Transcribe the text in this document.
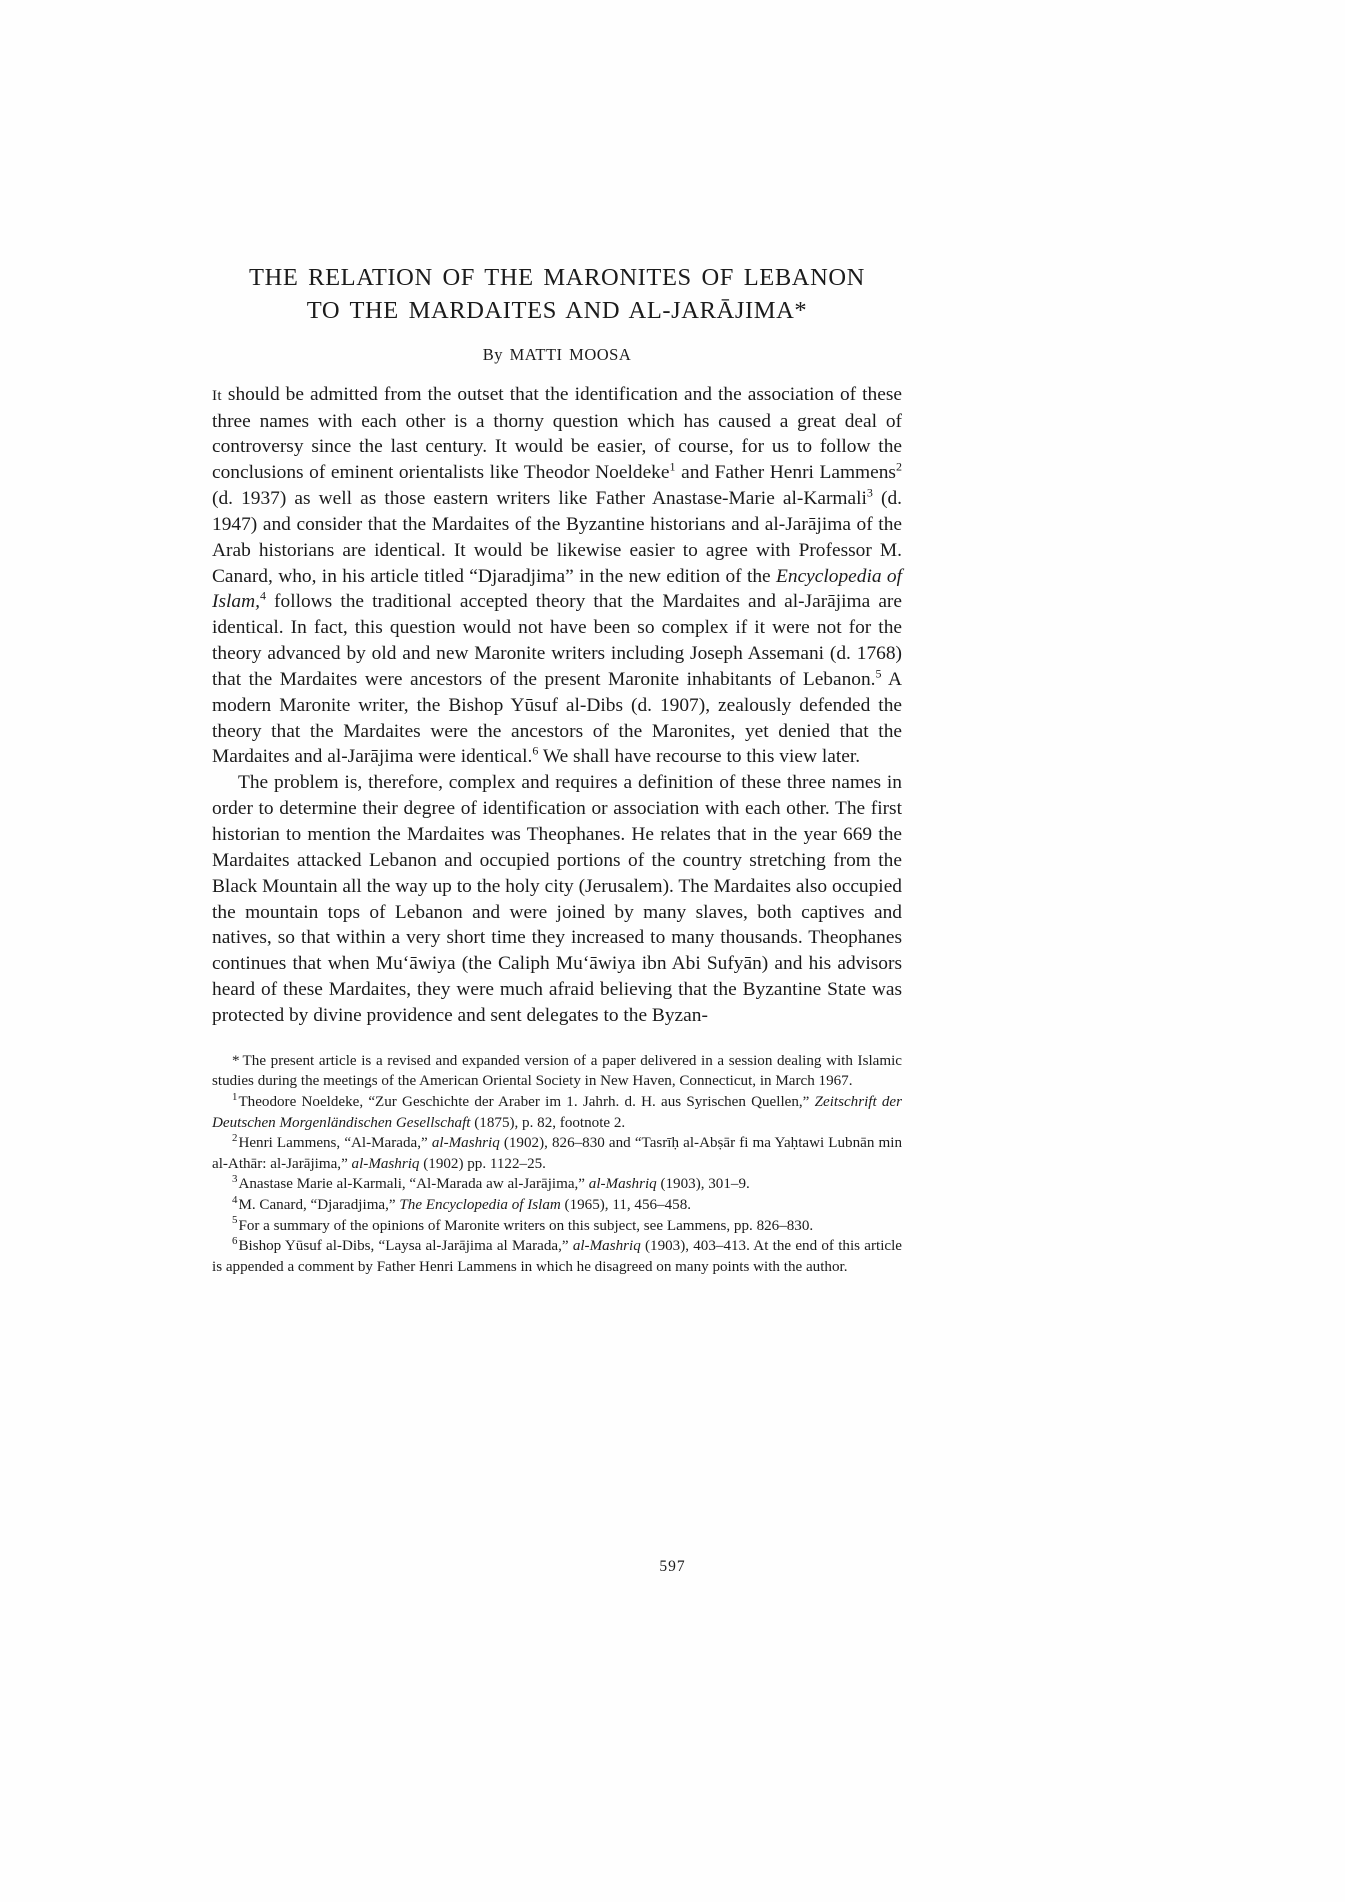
THE RELATION OF THE MARONITES OF LEBANON
TO THE MARDAITES AND AL-JARĀJIMA*
By MATTI MOOSA

It should be admitted from the outset that the identification and the association of these three names with each other is a thorny question which has caused a great deal of controversy since the last century. It would be easier, of course, for us to follow the conclusions of eminent orientalists like Theodor Noeldeke$^1$ and Father Henri Lammens$^2$ (d. 1937) as well as those eastern writers like Father Anastase-Marie al-Karmali$^3$ (d. 1947) and consider that the Mardaites of the Byzantine historians and al-Jarājima of the Arab historians are identical. It would be likewise easier to agree with Professor M. Canard, who, in his article titled “Djaradjima” in the new edition of the Encyclopedia of Islam,$^4$ follows the traditional accepted theory that the Mardaites and al-Jarājima are identical. In fact, this question would not have been so complex if it were not for the theory advanced by old and new Maronite writers including Joseph Assemani (d. 1768) that the Mardaites were ancestors of the present Maronite inhabitants of Lebanon.$^5$ A modern Maronite writer, the Bishop Yūsuf al-Dibs (d. 1907), zealously defended the theory that the Mardaites were the ancestors of the Maronites, yet denied that the Mardaites and al-Jarājima were identical.$^6$ We shall have recourse to this view later.

The problem is, therefore, complex and requires a definition of these three names in order to determine their degree of identification or association with each other. The first historian to mention the Mardaites was Theophanes. He relates that in the year 669 the Mardaites attacked Lebanon and occupied portions of the country stretching from the Black Mountain all the way up to the holy city (Jerusalem). The Mardaites also occupied the mountain tops of Lebanon and were joined by many slaves, both captives and natives, so that within a very short time they increased to many thousands. Theophanes continues that when Muʻāwiya (the Caliph Muʻāwiya ibn Abi Sufyān) and his advisors heard of these Mardaites, they were much afraid believing that the Byzantine State was protected by divine providence and sent delegates to the Byzan-

* The present article is a revised and expanded version of a paper delivered in a session dealing with Islamic studies during the meetings of the American Oriental Society in New Haven, Connecticut, in March 1967.

$^1$Theodore Noeldeke, “Zur Geschichte der Araber im 1. Jahrh. d. H. aus Syrischen Quellen,” Zeitschrift der Deutschen Morgenländischen Gesellschaft (1875), p. 82, footnote 2.

$^2$Henri Lammens, “Al-Marada,” al-Mashriq (1902), 826–830 and “Tasrīḥ al-Abṣār fi ma Yaḥtawi Lubnān min al-Athār: al-Jarājima,” al-Mashriq (1902) pp. 1122–25.

$^3$Anastase Marie al-Karmali, “Al-Marada aw al-Jarājima,” al-Mashriq (1903), 301–9.

$^4$M. Canard, “Djaradjima,” The Encyclopedia of Islam (1965), 11, 456–458.

$^5$For a summary of the opinions of Maronite writers on this subject, see Lammens, pp. 826–830.

$^6$Bishop Yūsuf al-Dibs, “Laysa al-Jarājima al Marada,” al-Mashriq (1903), 403–413. At the end of this article is appended a comment by Father Henri Lammens in which he disagreed on many points with the author.

597
